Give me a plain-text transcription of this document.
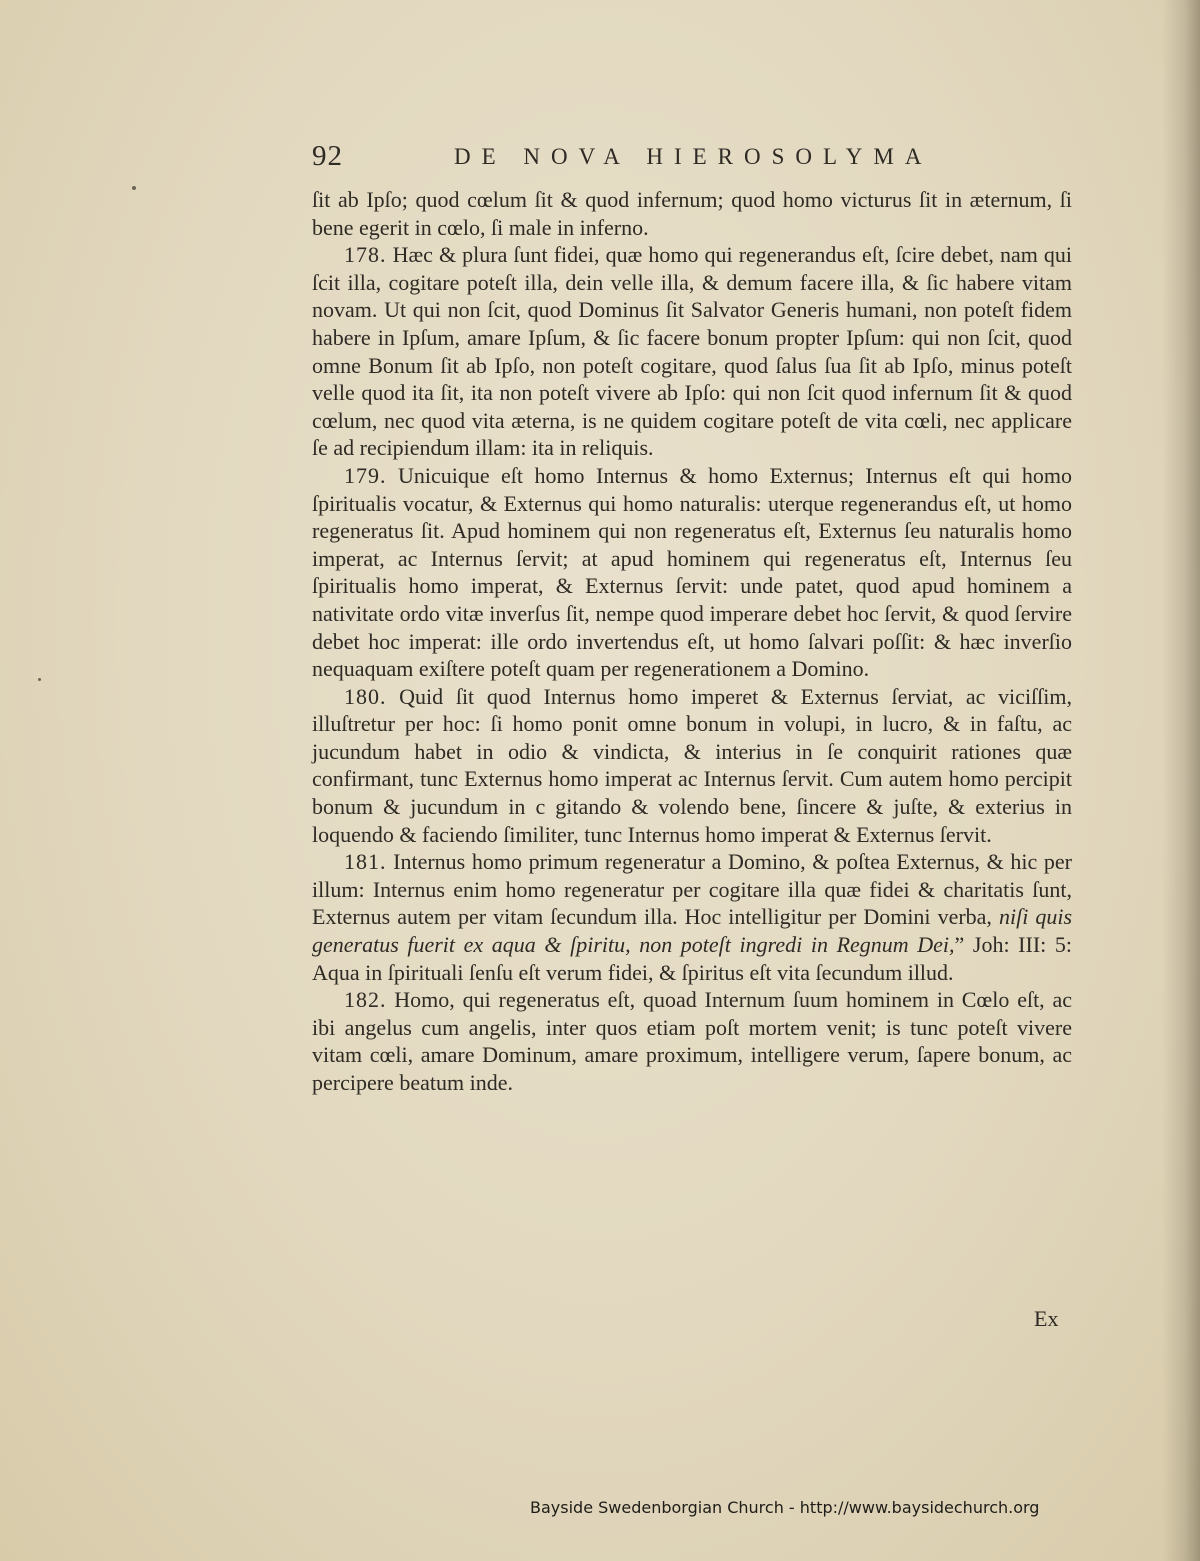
92	DE NOVA HIEROSOLYMA

ſit ab Ipſo; quod cœlum ſit & quod infernum; quod homo victurus ſit in æternum, ſi bene egerit in cœlo, ſi male in inferno.

178. Hæc & plura ſunt fidei, quæ homo qui regenerandus eſt, ſcire debet, nam qui ſcit illa, cogitare poteſt illa, dein velle illa, & demum facere illa, & ſic habere vitam novam. Ut qui non ſcit, quod Dominus ſit Salvator Generis humani, non poteſt fidem habere in Ipſum, amare Ipſum, & ſic facere bonum propter Ipſum: qui non ſcit, quod omne Bonum ſit ab Ipſo, non poteſt cogitare, quod ſalus ſua ſit ab Ipſo, minus poteſt velle quod ita ſit, ita non poteſt vivere ab Ipſo: qui non ſcit quod infernum ſit & quod cœlum, nec quod vita æterna, is ne quidem cogitare poteſt de vita cœli, nec applicare ſe ad recipiendum illam: ita in reliquis.

179. Unicuique eſt homo Internus & homo Externus; Internus eſt qui homo ſpiritualis vocatur, & Externus qui homo naturalis: uterque regenerandus eſt, ut homo regeneratus ſit. Apud hominem qui non regeneratus eſt, Externus ſeu naturalis homo imperat, ac Internus ſervit; at apud hominem qui regeneratus eſt, Internus ſeu ſpiritualis homo imperat, & Externus ſervit: unde patet, quod apud hominem a nativitate ordo vitæ inverſus ſit, nempe quod imperare debet hoc ſervit, & quod ſervire debet hoc imperat: ille ordo invertendus eſt, ut homo ſalvari poſſit: & hæc inverſio nequaquam exiſtere poteſt quam per regenerationem a Domino.

180. Quid ſit quod Internus homo imperet & Externus ſerviat, ac viciſſim, illuſtretur per hoc: ſi homo ponit omne bonum in volupi, in lucro, & in faſtu, ac jucundum habet in odio & vindicta, & interius in ſe conquirit rationes quæ confirmant, tunc Externus homo imperat ac Internus ſervit. Cum autem homo percipit bonum & jucundum in c gitando & volendo bene, ſincere & juſte, & exterius in loquendo & faciendo ſimiliter, tunc Internus homo imperat & Externus ſervit.

181. Internus homo primum regeneratur a Domino, & poſtea Externus, & hic per illum: Internus enim homo regeneratur per cogitare illa quæ fidei & charitatis ſunt, Externus autem per vitam ſecundum illa. Hoc intelligitur per Domini verba, niſi quis generatus fuerit ex aqua & ſpiritu, non poteſt ingredi in Regnum Dei,” Joh: III: 5: Aqua in ſpirituali ſenſu eſt verum fidei, & ſpiritus eſt vita ſecundum illud.

182. Homo, qui regeneratus eſt, quoad Internum ſuum hominem in Cœlo eſt, ac ibi angelus cum angelis, inter quos etiam poſt mortem venit; is tunc poteſt vivere vitam cœli, amare Dominum, amare proximum, intelligere verum, ſapere bonum, ac percipere beatum inde.

Ex
Bayside Swedenborgian Church - http://www.baysidechurch.org
